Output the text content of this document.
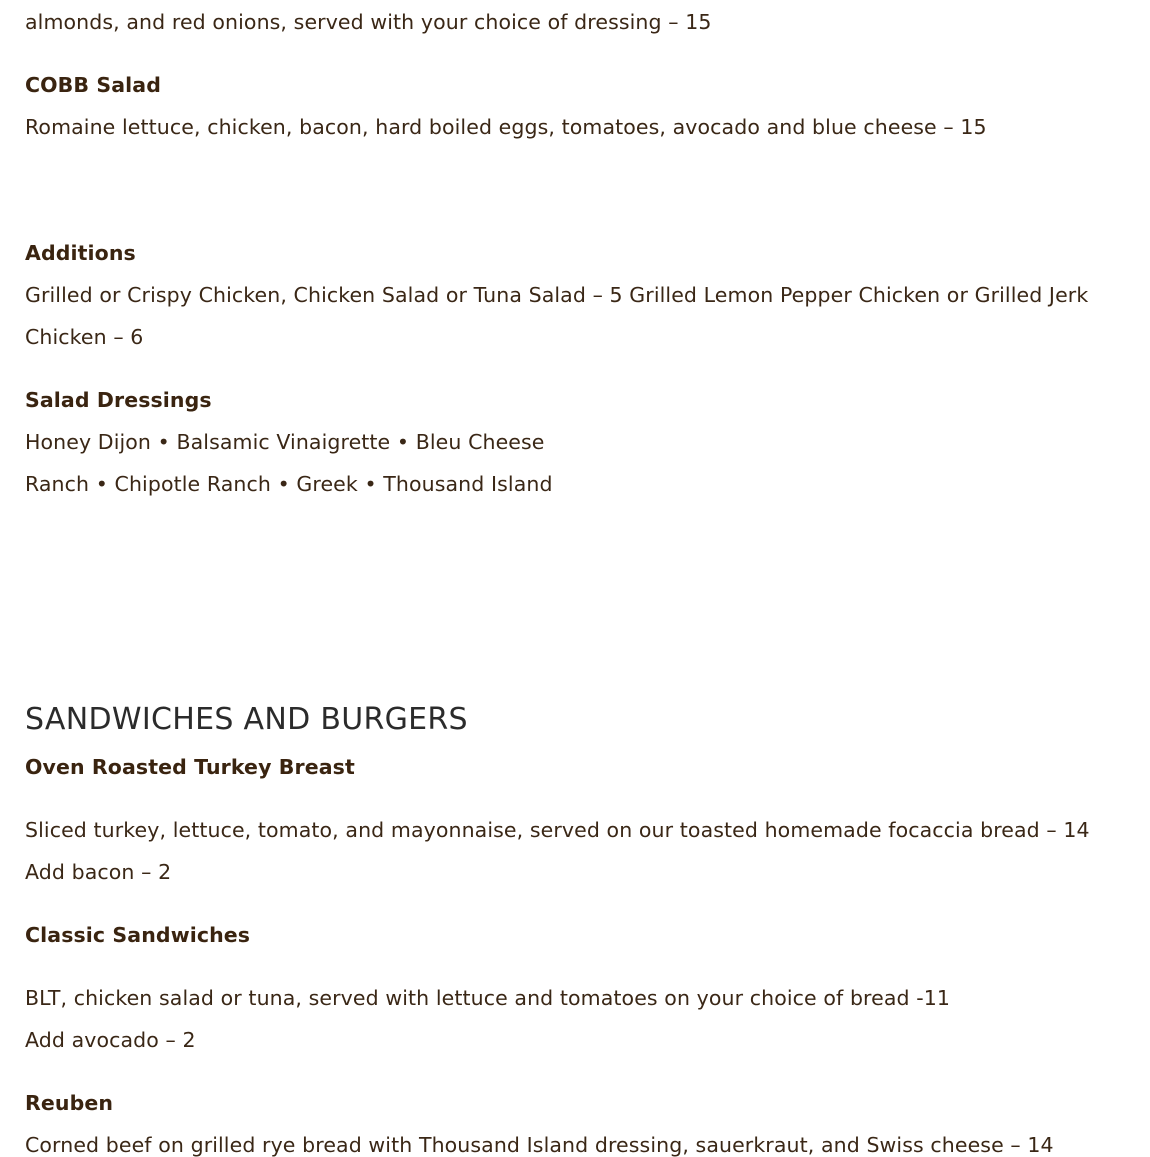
almonds, and red onions, served with your choice of dressing – 15
COBB Salad
Romaine lettuce, chicken, bacon, hard boiled eggs, tomatoes, avocado and blue cheese – 15
Additions
Grilled or Crispy Chicken, Chicken Salad or Tuna Salad – 5 Grilled Lemon Pepper Chicken or Grilled Jerk
Chicken – 6
Salad Dressings
Honey Dijon • Balsamic Vinaigrette • Bleu Cheese
Ranch • Chipotle Ranch • Greek • Thousand Island
SANDWICHES AND BURGERS
Oven Roasted Turkey Breast
Sliced turkey, lettuce, tomato, and mayonnaise, served on our toasted homemade focaccia bread – 14
Add bacon – 2
Classic Sandwiches
BLT, chicken salad or tuna, served with lettuce and tomatoes on your choice of bread -11
Add avocado – 2
Reuben
Corned beef on grilled rye bread with Thousand Island dressing, sauerkraut, and Swiss cheese – 14
